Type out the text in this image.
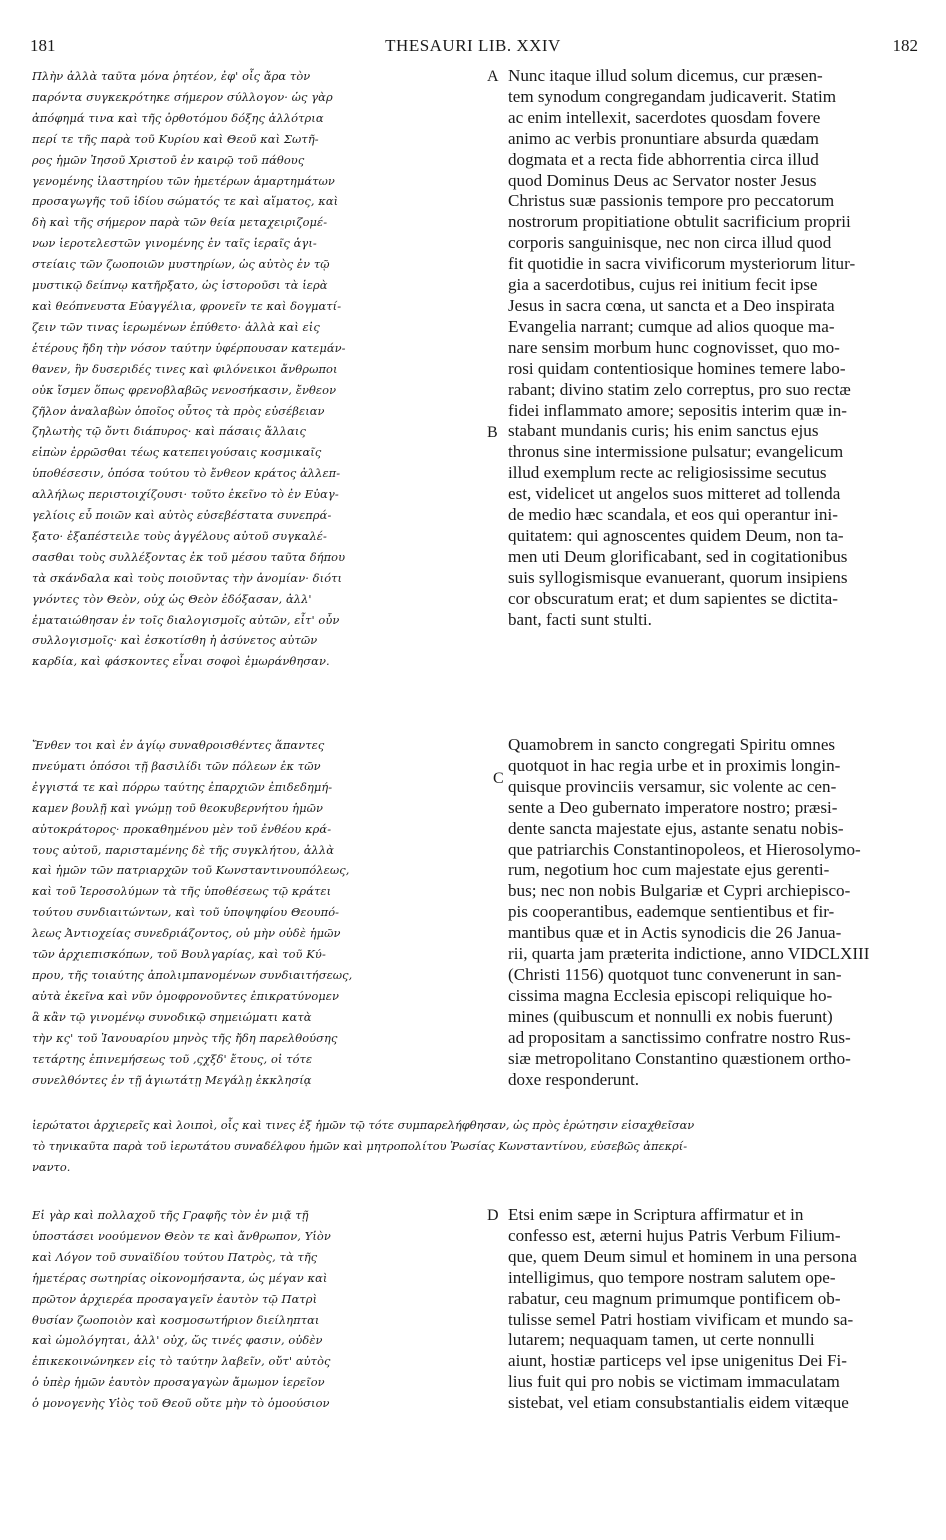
181	THESAURI LIB. XXIV	182
Πλὴν ἀλλὰ ταῦτα μόνα ῥητέον, ἐφ' οἷς ἄρα τὸν
παρόντα συγκεκρότηκε σήμερον σύλλογον· ὡς γὰρ
ἀπόφημά τινα καὶ τῆς ὀρθοτόμου δόξης ἀλλότρια
περί τε τῆς παρὰ τοῦ Κυρίου καὶ Θεοῦ καὶ Σωτῆ-
ρος ἡμῶν Ἰησοῦ Χριστοῦ ἐν καιρῷ τοῦ πάθους
γενομένης ἱλαστηρίου τῶν ἡμετέρων ἁμαρτημάτων
προσαγωγῆς τοῦ ἰδίου σώματός τε καὶ αἵματος, καὶ
δὴ καὶ τῆς σήμερον παρὰ τῶν θεία μεταχειριζομέ-
νων ἱεροτελεστῶν γινομένης ἐν ταῖς ἱεραῖς ἁγι-
στείαις τῶν ζωοποιῶν μυστηρίων, ὡς αὐτὸς ἐν τῷ
μυστικῷ δείπνῳ κατῆρξατο, ὡς ἱστοροῦσι τὰ ἱερὰ
καὶ θεόπνευστα Εὐαγγέλια, φρονεῖν τε καὶ δογματί-
ζειν τῶν τινας ἱερωμένων ἐπύθετο· ἀλλὰ καὶ εἰς
ἑτέρους ἤδη τὴν νόσον ταύτην ὑφέρπουσαν κατεμάν-
θανεν, ἣν δυσεριδές τινες καὶ φιλόνεικοι ἄνθρωποι
οὐκ ἴσμεν ὅπως φρενοβλαβῶς νενοσήκασιν, ἔνθεον
ζῆλον ἀναλαβὼν ὁποῖος οὗτος τὰ πρὸς εὐσέβειαν
ζηλωτὴς τῷ ὄντι διάπυρος· καὶ πάσαις ἄλλαις
εἰπὼν ἐρρῶσθαι τέως κατεπειγούσαις κοσμικαῖς
ὑποθέσεσιν, ὁπόσα τούτου τὸ ἔνθεον κράτος ἀλλεπ-
αλλήλως περιστοιχίζουσι· τοῦτο ἐκεῖνο τὸ ἐν Εὐαγ-
γελίοις εὖ ποιῶν καὶ αὐτὸς εὐσεβέστατα συνεπρά-
ξατο· ἐξαπέστειλε τοὺς ἀγγέλους αὐτοῦ συγκαλέ-
σασθαι τοὺς συλλέξοντας ἐκ τοῦ μέσου ταῦτα δήπου
τὰ σκάνδαλα καὶ τοὺς ποιοῦντας τὴν ἀνομίαν· διότι
γνόντες τὸν Θεὸν, οὐχ ὡς Θεὸν ἐδόξασαν, ἀλλ'
ἐματαιώθησαν ἐν τοῖς διαλογισμοῖς αὐτῶν, εἶτ' οὖν
συλλογισμοῖς· καὶ ἐσκοτίσθη ἡ ἀσύνετος αὐτῶν
καρδία, καὶ φάσκοντες εἶναι σοφοὶ ἐμωράνθησαν.
Nunc itaque illud solum dicemus, cur præsen-
tem synodum congregandam judicaverit. Statim
ac enim intellexit, sacerdotes quosdam fovere
animo ac verbis pronuntiare absurda quædam
dogmata et a recta fide abhorrentia circa illud
quod Dominus Deus ac Servator noster Jesus
Christus suæ passionis tempore pro peccatorum
nostrorum propitiatione obtulit sacrificium proprii
corporis sanguinisque, nec non circa illud quod
fit quotidie in sacra vivificorum mysteriorum litur-
gia a sacerdotibus, cujus rei initium fecit ipse
Jesus in sacra cœna, ut sancta et a Deo inspirata
Evangelia narrant; cumque ad alios quoque ma-
nare sensim morbum hunc cognovisset, quo mo-
rosi quidam contentiosique homines temere labo-
rabant; divino statim zelo correptus, pro suo rectæ
fidei inflammato amore; sepositis interim quæ in-
stabant mundanis curis; his enim sanctus ejus
thronus sine intermissione pulsatur; evangelicum
illud exemplum recte ac religiosissime secutus
est, videlicet ut angelos suos mitteret ad tollenda
de medio hæc scandala, et eos qui operantur ini-
quitatem: qui agnoscentes quidem Deum, non ta-
men uti Deum glorificabant, sed in cogitationibus
suis syllogismisque evanuerant, quorum insipiens
cor obscuratum erat; et dum sapientes se dictita-
bant, facti sunt stulti.
Ἔνθεν τοι καὶ ἐν ἁγίῳ συναθροισθέντες ἅπαντες
πνεύματι ὁπόσοι τῇ βασιλίδι τῶν πόλεων ἐκ τῶν
ἐγγιστά τε καὶ πόρρω ταύτης ἐπαρχιῶν ἐπιδεδημή-
καμεν βουλῇ καὶ γνώμῃ τοῦ θεοκυβερνήτου ἡμῶν
αὐτοκράτορος· προκαθημένου μὲν τοῦ ἐνθέου κρά-
τους αὐτοῦ, παρισταμένης δὲ τῆς συγκλήτου, ἀλλὰ
καὶ ἡμῶν τῶν πατριαρχῶν τοῦ Κωνσταντινουπόλεως,
καὶ τοῦ Ἱεροσολύμων τὰ τῆς ὑποθέσεως τῷ κράτει
τούτου συνδιαιτώντων, καὶ τοῦ ὑποψηφίου Θεουπό-
λεως Ἀντιοχείας συνεδριάζοντος, οὐ μὴν οὐδὲ ἡμῶν
τῶν ἀρχιεπισκόπων, τοῦ Βουλγαρίας, καὶ τοῦ Κύ-
πρου, τῆς τοιαύτης ἀπολιμπανομένων συνδιαιτήσεως,
αὐτὰ ἐκεῖνα καὶ νῦν ὁμοφρονοῦντες ἐπικρατύνομεν
ἃ κἂν τῷ γινομένῳ συνοδικῷ σημειώματι κατὰ
τὴν κς' τοῦ Ἰανουαρίου μηνὸς τῆς ἤδη παρελθούσης
τετάρτης ἐπινεμήσεως τοῦ ,ςχξδ' ἔτους, οἱ τότε
συνελθόντες ἐν τῇ ἁγιωτάτῃ Μεγάλῃ ἐκκλησίᾳ
Quamobrem in sancto congregati Spiritu omnes
quotquot in hac regia urbe et in proximis longin-
quisque provinciis versamur, sic volente ac cen-
sente a Deo gubernato imperatore nostro; præsi-
dente sancta majestate ejus, astante senatu nobis-
que patriarchis Constantinopoleos, et Hierosolymo-
rum, negotium hoc cum majestate ejus gerenti-
bus; nec non nobis Bulgariæ et Cypri archiepisco-
pis cooperantibus, eademque sentientibus et fir-
mantibus quæ et in Actis synodicis die 26 Janua-
rii, quarta jam præterita indictione, anno VIDCLXIII
(Christi 1156) quotquot tunc convenerunt in san-
cissima magna Ecclesia episcopi reliquique ho-
mines (quibuscum et nonnulli ex nobis fuerunt)
ad propositam a sanctissimo confratre nostro Rus-
siæ metropolitano Constantino quæstionem ortho-
doxe responderunt.
ἱερώτατοι ἀρχιερεῖς καὶ λοιποὶ, οἷς καὶ τινες ἐξ ἡμῶν τῷ τότε συμπαρελήφθησαν, ὡς πρὸς ἐρώτησιν εἰσαχθεῖσαν
τὸ τηνικαῦτα παρὰ τοῦ ἱερωτάτου συναδέλφου ἡμῶν καὶ μητροπολίτου Ῥωσίας Κωνσταντίνου, εὐσεβῶς ἀπεκρί-
ναντο.
Εἰ γὰρ καὶ πολλαχοῦ τῆς Γραφῆς τὸν ἐν μιᾷ τῇ
ὑποστάσει νοούμενον Θεὸν τε καὶ ἄνθρωπον, Υἱὸν
καὶ Λόγον τοῦ συναϊδίου τούτου Πατρὸς, τὰ τῆς
ἡμετέρας σωτηρίας οἰκονομήσαντα, ὡς μέγαν καὶ
πρῶτον ἀρχιερέα προσαγαγεῖν ἑαυτὸν τῷ Πατρὶ
θυσίαν ζωοποιὸν καὶ κοσμοσωτήριον διείληπται
καὶ ὡμολόγηται, ἀλλ' οὐχ, ὥς τινές φασιν, οὐδὲν
ἐπικεκοινώνηκεν εἰς τὸ ταύτην λαβεῖν, οὔτ' αὐτὸς
ὁ ὑπὲρ ἡμῶν ἑαυτὸν προσαγαγὼν ἄμωμον ἱερεῖον
ὁ μονογενὴς Υἱὸς τοῦ Θεοῦ οὔτε μὴν τὸ ὁμοούσιον
Etsi enim sæpe in Scriptura affirmatur et in
confesso est, æterni hujus Patris Verbum Filium-
que, quem Deum simul et hominem in una persona
intelligimus, quo tempore nostram salutem ope-
rabatur, ceu magnum primumque pontificem ob-
tulisse semel Patri hostiam vivificam et mundo sa-
lutarem; nequaquam tamen, ut certe nonnulli
aiunt, hostiæ particeps vel ipse unigenitus Dei Fi-
lius fuit qui pro nobis se victimam immaculatam
sistebat, vel etiam consubstantialis eidem vitæque
A
B
C
D
